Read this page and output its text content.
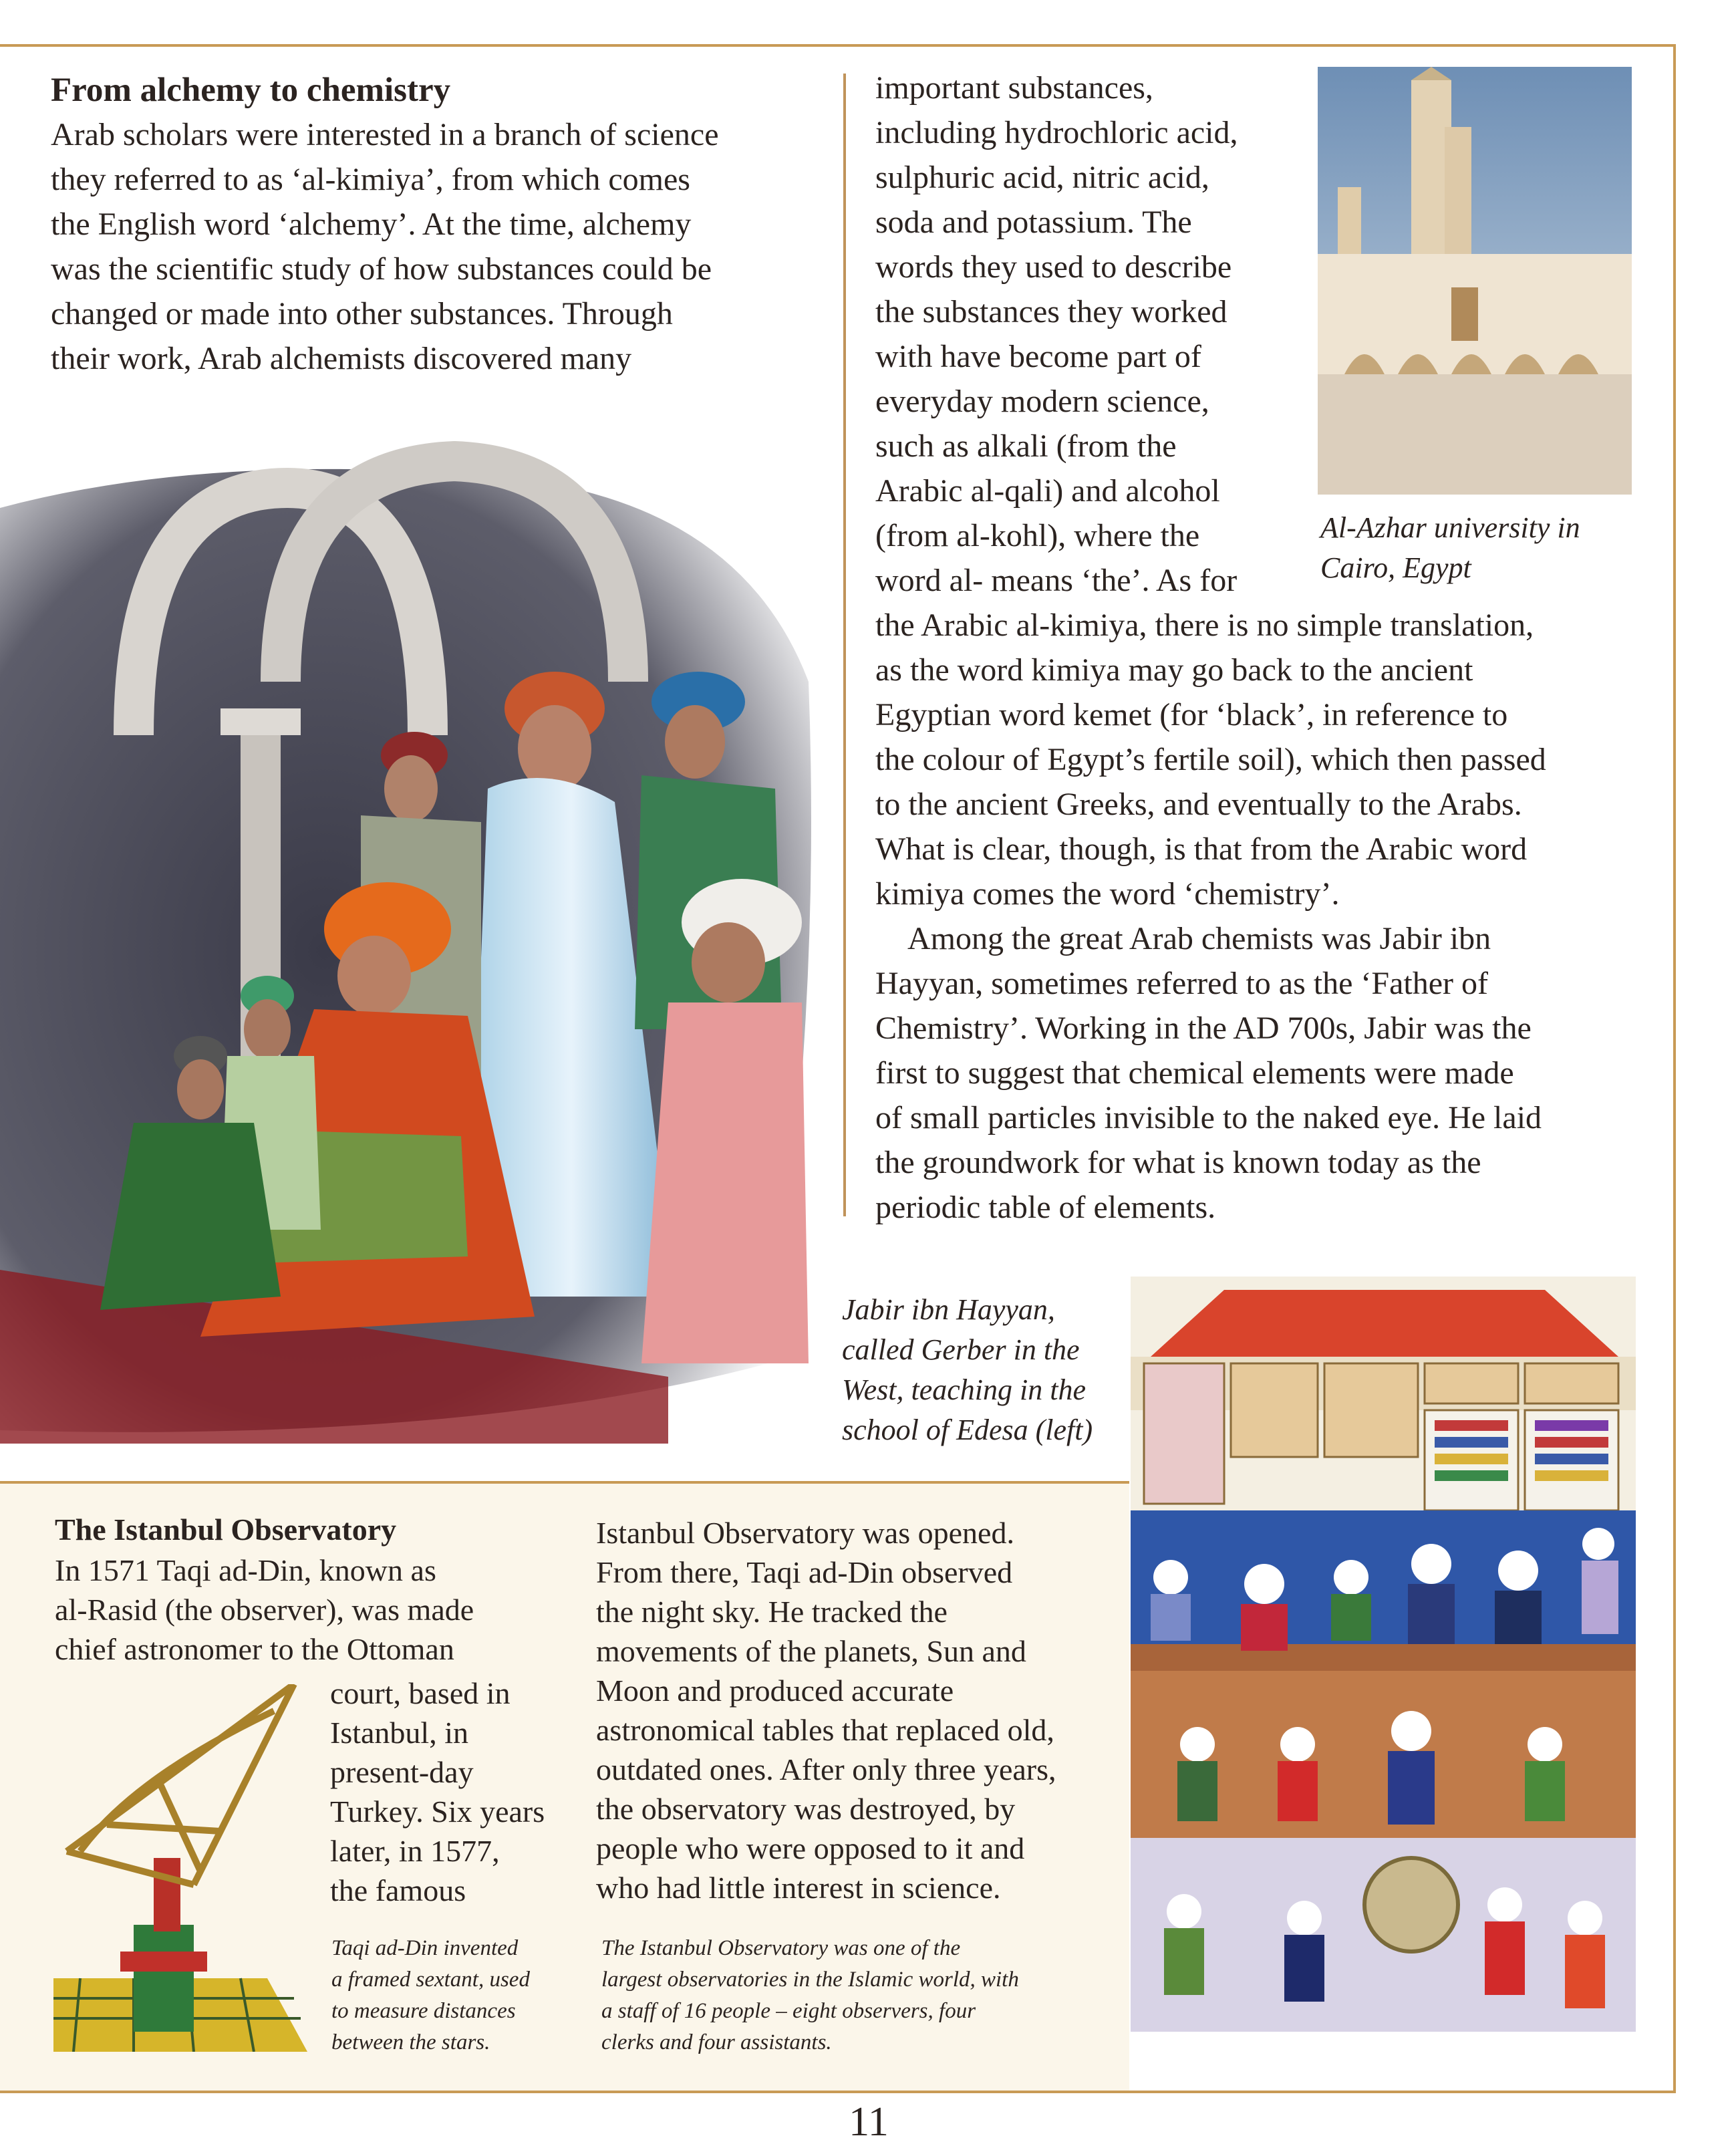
From alchemy to chemistry

Arab scholars were interested in a branch of science
they referred to as ‘al-kimiya’, from which comes
the English word ‘alchemy’. At the time, alchemy
was the scientific study of how substances could be
changed or made into other substances. Through
their work, Arab alchemists discovered many

important substances,
including hydrochloric acid,
sulphuric acid, nitric acid,
soda and potassium. The
words they used to describe
the substances they worked
with have become part of
everyday modern science,
such as alkali (from the
Arabic al-qali) and alcohol
(from al-kohl), where the
word al- means ‘the’. As for

Al-Azhar university in
Cairo, Egypt

the Arabic al-kimiya, there is no simple translation,
as the word kimiya may go back to the ancient
Egyptian word kemet (for ‘black’, in reference to
the colour of Egypt’s fertile soil), which then passed
to the ancient Greeks, and eventually to the Arabs.
What is clear, though, is that from the Arabic word
kimiya comes the word ‘chemistry’.

Among the great Arab chemists was Jabir ibn
Hayyan, sometimes referred to as the ‘Father of
Chemistry’. Working in the AD 700s, Jabir was the
first to suggest that chemical elements were made
of small particles invisible to the naked eye. He laid
the groundwork for what is known today as the
periodic table of elements.

Jabir ibn Hayyan,
called Gerber in the
West, teaching in the
school of Edesa (left)

The Istanbul Observatory

In 1571 Taqi ad-Din, known as
al-Rasid (the observer), was made
chief astronomer to the Ottoman

court, based in
Istanbul, in
present-day
Turkey. Six years
later, in 1577,
the famous

Taqi ad-Din invented
a framed sextant, used
to measure distances
between the stars.

Istanbul Observatory was opened.
From there, Taqi ad-Din observed
the night sky. He tracked the
movements of the planets, Sun and
Moon and produced accurate
astronomical tables that replaced old,
outdated ones. After only three years,
the observatory was destroyed, by
people who were opposed to it and
who had little interest in science.

The Istanbul Observatory was one of the
largest observatories in the Islamic world, with
a staff of 16 people – eight observers, four
clerks and four assistants.

11
